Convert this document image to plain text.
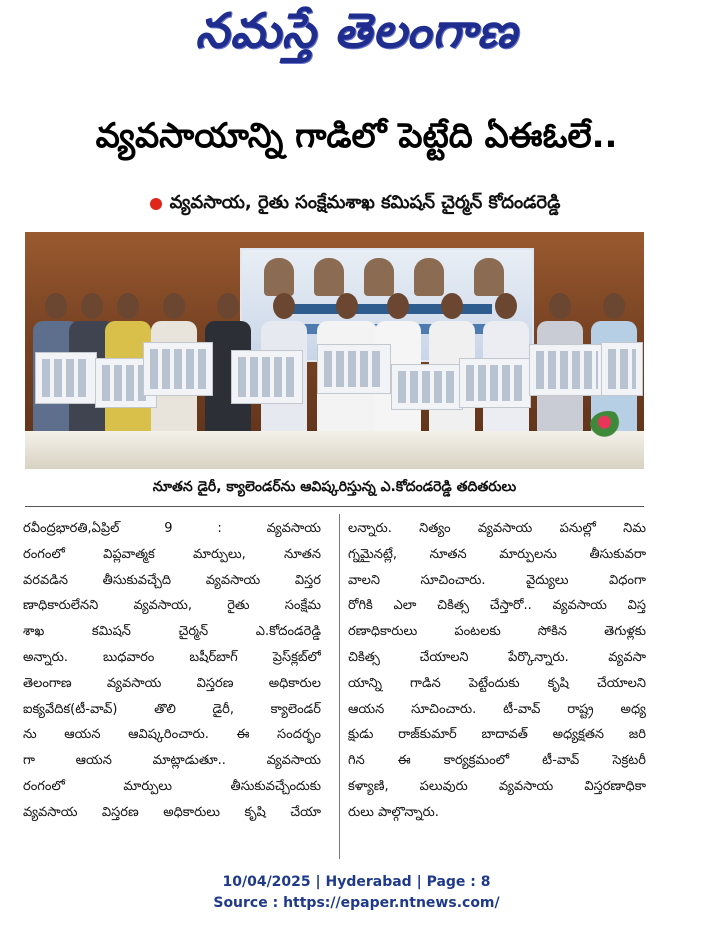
నమస్తే తెలంగాణ
వ్యవసాయాన్ని గాడిలో పెట్టేది ఏఈఓలే..
వ్యవసాయ, రైతు సంక్షేమశాఖ కమిషన్ చైర్మన్ కోదండరెడ్డి
నూతన డైరీ, క్యాలెండర్‌ను ఆవిష్కరిస్తున్న ఎ.కోదండరెడ్డి తదితరులు

రవీంద్రభారతి,ఏప్రిల్ 9 : వ్యవసాయ

రంగంలో విప్లవాత్మక మార్పులు, నూతన

వరవడిన తీసుకువచ్చేది వ్యవసాయ విస్తర

ణాధికారులేనని వ్యవసాయ, రైతు సంక్షేమ

శాఖ కమిషన్ చైర్మన్ ఎ.కోదండరెడ్డి

అన్నారు. బుధవారం బషీర్‌బాగ్ ప్రెస్‌క్లబ్‌లో

తెలంగాణ వ్యవసాయ విస్తరణ అధికారుల

ఐక్యవేదిక(టీ-వావ్) తొలి డైరీ, క్యాలెండర్

ను ఆయన ఆవిష్కరించారు. ఈ సందర్భం

గా ఆయన మాట్లాడుతూ.. వ్యవసాయ

రంగంలో మార్పులు తీసుకువచ్చేందుకు

వ్యవసాయ విస్తరణ అధికారులు కృషి చేయా

లన్నారు. నిత్యం వ్యవసాయ పనుల్లో నిమ

గ్నమైనట్లే, నూతన మార్పులను తీసుకువరా

వాలని సూచించారు. వైద్యులు విధంగా

రోగికి ఎలా చికిత్స చేస్తారో.. వ్యవసాయ విస్త

రణాధికారులు పంటలకు సోకిన తెగుళ్లకు

చికిత్స చేయాలని పేర్కొన్నారు. వ్యవసా

యాన్ని గాడిన పెట్టేందుకు కృషి చేయాలని

ఆయన సూచించారు. టీ-వావ్ రాష్ట్ర అధ్య

క్షుడు రాజ్‌కుమార్ బాదావత్ అధ్యక్షతన జరి

గిన ఈ కార్యక్రమంలో టీ-వావ్ సెక్రటరీ

కళ్యాణి, పలువురు వ్యవసాయ విస్తరణాధికా

రులు పాల్గొన్నారు.

10/04/2025 | Hyderabad | Page : 8
Source : https://epaper.ntnews.com/
